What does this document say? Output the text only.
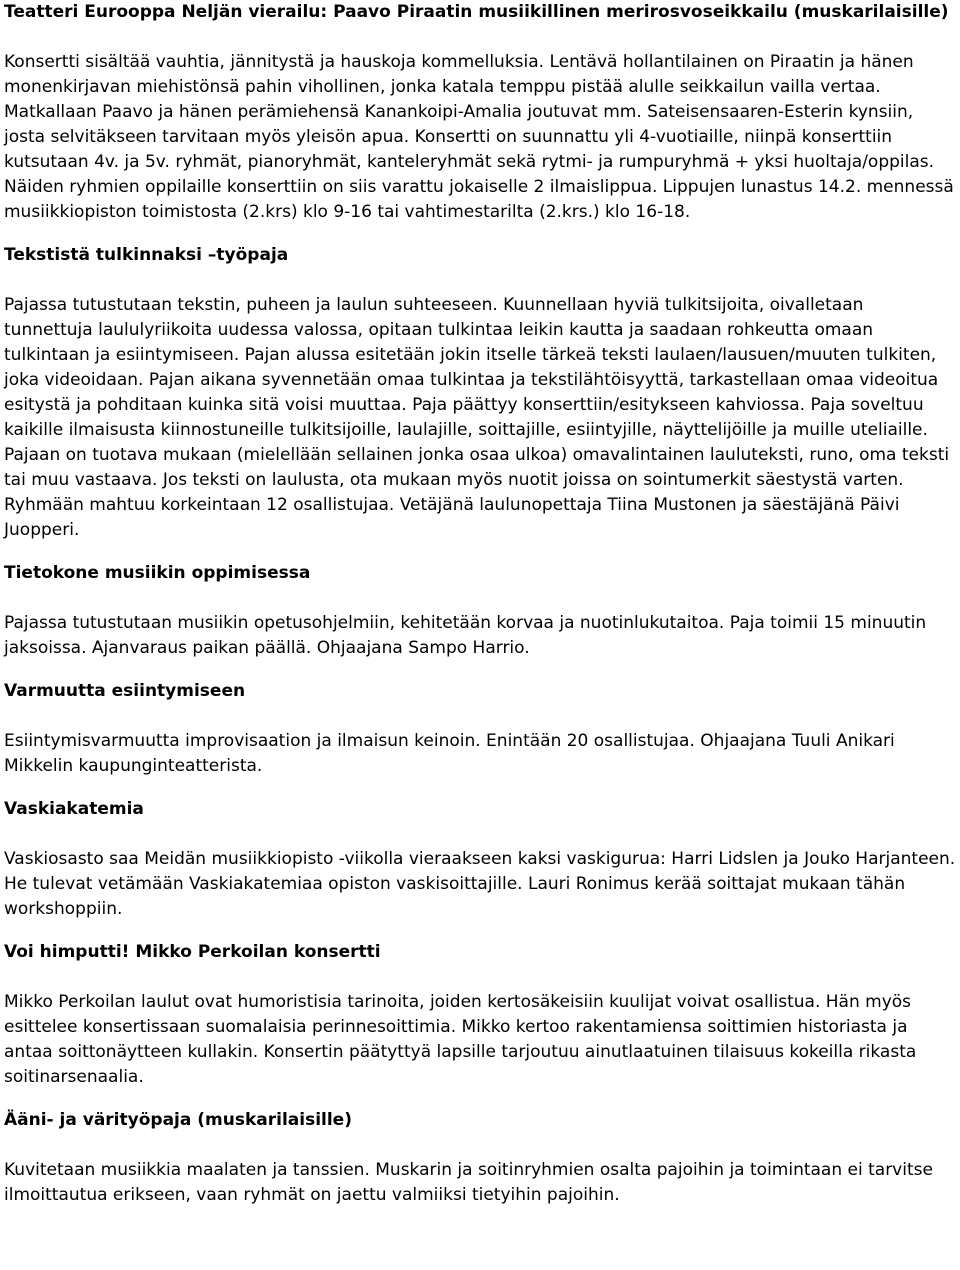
Teatteri Eurooppa Neljän vierailu: Paavo Piraatin musiikillinen merirosvoseikkailu (muskarilaisille)

Konsertti sisältää vauhtia, jännitystä ja hauskoja kommelluksia. Lentävä hollantilainen on Piraatin ja hänen monenkirjavan miehistönsä pahin vihollinen, jonka katala temppu pistää alulle seikkailun vailla vertaa. Matkallaan Paavo ja hänen perämiehensä Kanankoipi-Amalia joutuvat mm. Sateisensaaren-Esterin kynsiin, josta selvitäkseen tarvitaan myös yleisön apua. Konsertti on suunnattu yli 4-vuotiaille, niinpä konserttiin kutsutaan 4v. ja 5v. ryhmät, pianoryhmät, kanteleryhmät sekä rytmi- ja rumpuryhmä + yksi huoltaja/oppilas. Näiden ryhmien oppilaille konserttiin on siis varattu jokaiselle 2 ilmaislippua. Lippujen lunastus 14.2. mennessä musiikkiopiston toimistosta (2.krs) klo 9-16 tai vahtimestarilta (2.krs.) klo 16-18.

Tekstistä tulkinnaksi –työpaja

Pajassa tutustutaan tekstin, puheen ja laulun suhteeseen. Kuunnellaan hyviä tulkitsijoita, oivalletaan tunnettuja laululyriikoita uudessa valossa, opitaan tulkintaa leikin kautta ja saadaan rohkeutta omaan tulkintaan ja esiintymiseen. Pajan alussa esitetään jokin itselle tärkeä teksti laulaen/lausuen/muuten tulkiten, joka videoidaan. Pajan aikana syvennetään omaa tulkintaa ja tekstilähtöisyyttä, tarkastellaan omaa videoitua esitystä ja pohditaan kuinka sitä voisi muuttaa. Paja päättyy konserttiin/esitykseen kahviossa. Paja soveltuu kaikille ilmaisusta kiinnostuneille tulkitsijoille, laulajille, soittajille, esiintyjille, näyttelijöille ja muille uteliaille. Pajaan on tuotava mukaan (mielellään sellainen jonka osaa ulkoa) omavalintainen lauluteksti, runo, oma teksti tai muu vastaava. Jos teksti on laulusta, ota mukaan myös nuotit joissa on sointumerkit säestystä varten. Ryhmään mahtuu korkeintaan 12 osallistujaa. Vetäjänä laulunopettaja Tiina Mustonen ja säestäjänä Päivi Juopperi.

Tietokone musiikin oppimisessa

Pajassa tutustutaan musiikin opetusohjelmiin, kehitetään korvaa ja nuotinlukutaitoa. Paja toimii 15 minuutin jaksoissa. Ajanvaraus paikan päällä. Ohjaajana Sampo Harrio.

Varmuutta esiintymiseen

Esiintymisvarmuutta improvisaation ja ilmaisun keinoin. Enintään 20 osallistujaa. Ohjaajana Tuuli Anikari Mikkelin kaupunginteatterista.

Vaskiakatemia

Vaskiosasto saa Meidän musiikkiopisto -viikolla vieraakseen kaksi vaskigurua: Harri Lidslen ja Jouko Harjanteen. He tulevat vetämään Vaskiakatemiaa opiston vaskisoittajille. Lauri Ronimus kerää soittajat mukaan tähän workshoppiin.

Voi himputti! Mikko Perkoilan konsertti

Mikko Perkoilan laulut ovat humoristisia tarinoita, joiden kertosäkeisiin kuulijat voivat osallistua. Hän myös esittelee konsertissaan suomalaisia perinnesoittimia. Mikko kertoo rakentamiensa soittimien historiasta ja antaa soittonäytteen kullakin. Konsertin päätyttyä lapsille tarjoutuu ainutlaatuinen tilaisuus kokeilla rikasta soitinarsenaalia.

Ääni- ja värityöpaja (muskarilaisille)

Kuvitetaan musiikkia maalaten ja tanssien. Muskarin ja soitinryhmien osalta pajoihin ja toimintaan ei tarvitse ilmoittautua erikseen, vaan ryhmät on jaettu valmiiksi tietyihin pajoihin.
